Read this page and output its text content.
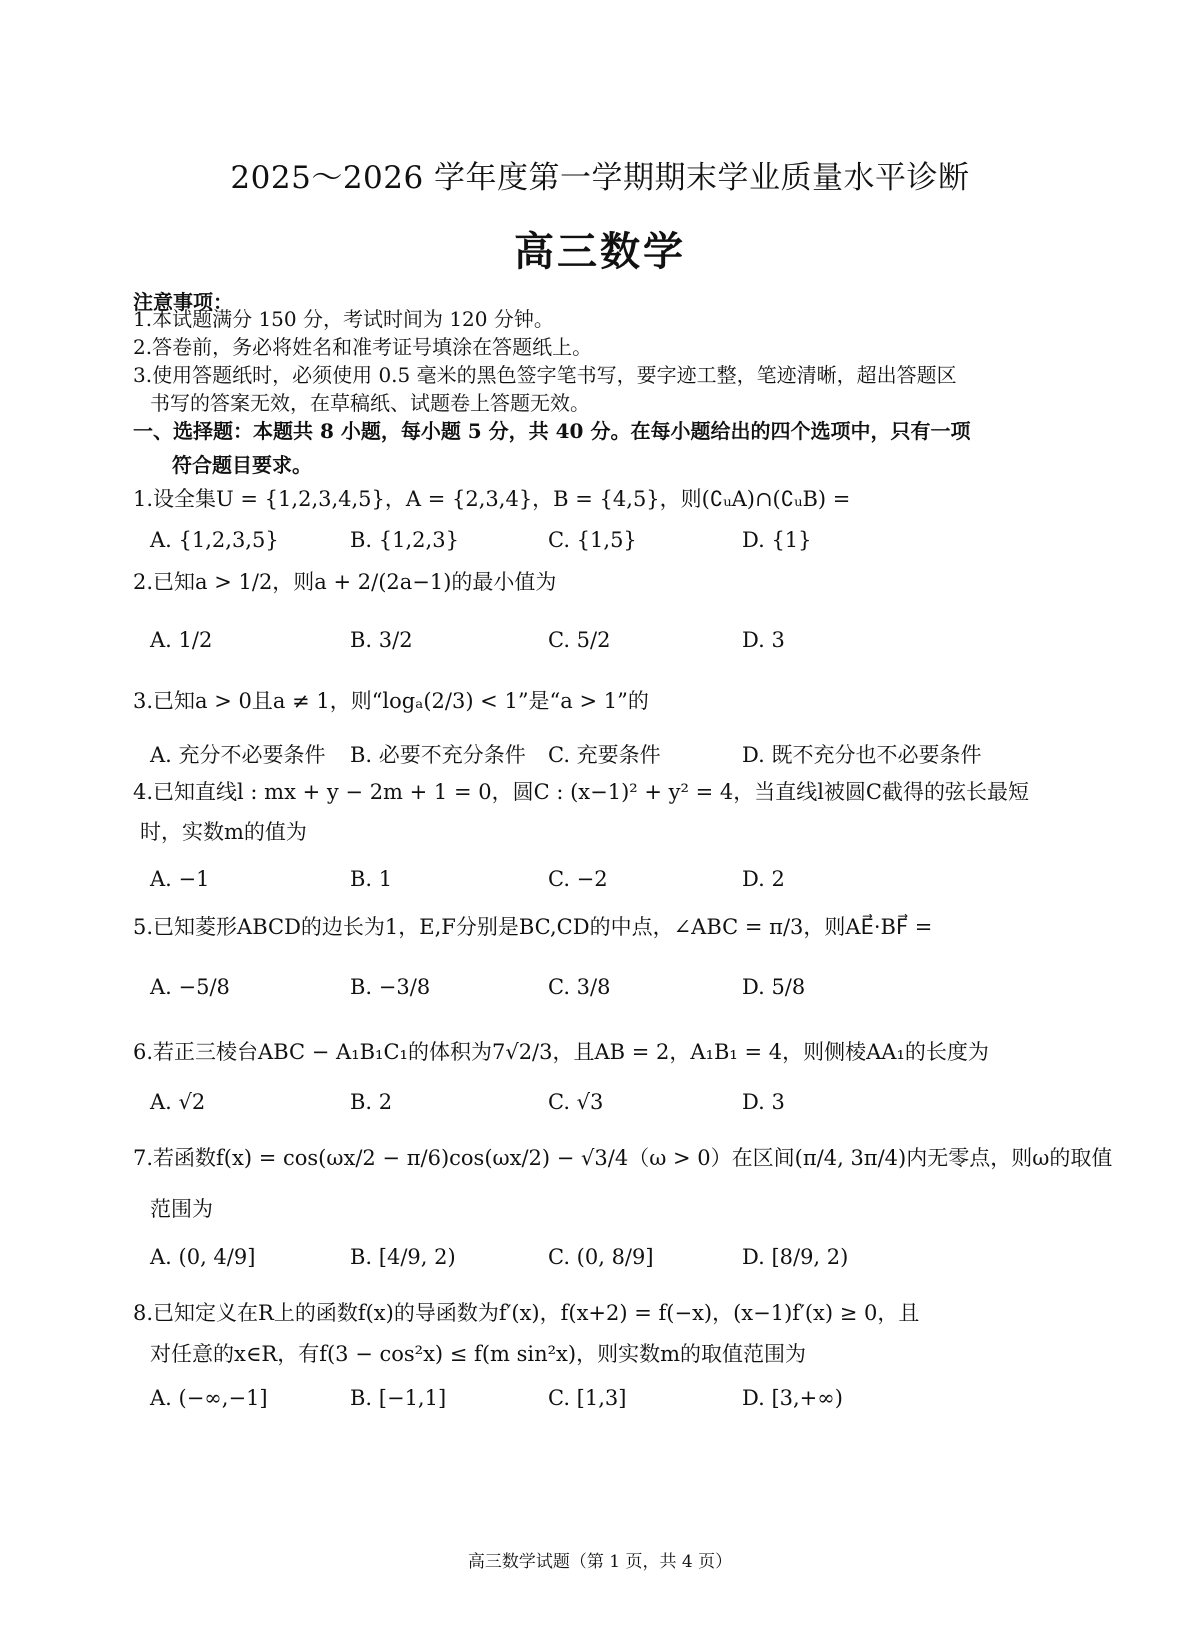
2025～2026 学年度第一学期期末学业质量水平诊断
高三数学
注意事项：
1.本试题满分 150 分，考试时间为 120 分钟。
2.答卷前，务必将姓名和准考证号填涂在答题纸上。
3.使用答题纸时，必须使用 0.5 毫米的黑色签字笔书写，要字迹工整，笔迹清晰，超出答题区
书写的答案无效，在草稿纸、试题卷上答题无效。
一、选择题：本题共 8 小题，每小题 5 分，共 40 分。在每小题给出的四个选项中，只有一项
符合题目要求。
1.设全集U = {1,2,3,4,5}，A = {2,3,4}，B = {4,5}，则(∁ᵤA)∩(∁ᵤB) =
A. {1,2,3,5}	B. {1,2,3}	C. {1,5}	D. {1}
2.已知a > 1/2，则a + 2/(2a−1)的最小值为
A. 1/2	B. 3/2	C. 5/2	D. 3
3.已知a > 0且a ≠ 1，则“logₐ(2/3) < 1”是“a > 1”的
A. 充分不必要条件 B. 必要不充分条件 C. 充要条件	D. 既不充分也不必要条件
4.已知直线l : mx + y − 2m + 1 = 0，圆C : (x−1)² + y² = 4，当直线l被圆C截得的弦长最短
时，实数m的值为
A. −1	B. 1	C. −2	D. 2
5.已知菱形ABCD的边长为1，E,F分别是BC,CD的中点，∠ABC = π/3，则AE⃗·BF⃗ =
A. −5/8	B. −3/8	C. 3/8	D. 5/8
6.若正三棱台ABC − A₁B₁C₁的体积为7√2/3，且AB = 2，A₁B₁ = 4，则侧棱AA₁的长度为
A. √2	B. 2	C. √3	D. 3
7.若函数f(x) = cos(ωx/2 − π/6)cos(ωx/2) − √3/4（ω > 0）在区间(π/4, 3π/4)内无零点，则ω的取值
范围为
A. (0, 4/9]	B. [4/9, 2)	C. (0, 8/9]	D. [8/9, 2)
8.已知定义在R上的函数f(x)的导函数为f′(x)，f(x+2) = f(−x)，(x−1)f′(x) ≥ 0，且
对任意的x∈R，有f(3 − cos²x) ≤ f(m sin²x)，则实数m的取值范围为
A. (−∞,−1]	B. [−1,1]	C. [1,3]	D. [3,+∞)
高三数学试题（第 1 页，共 4 页）
